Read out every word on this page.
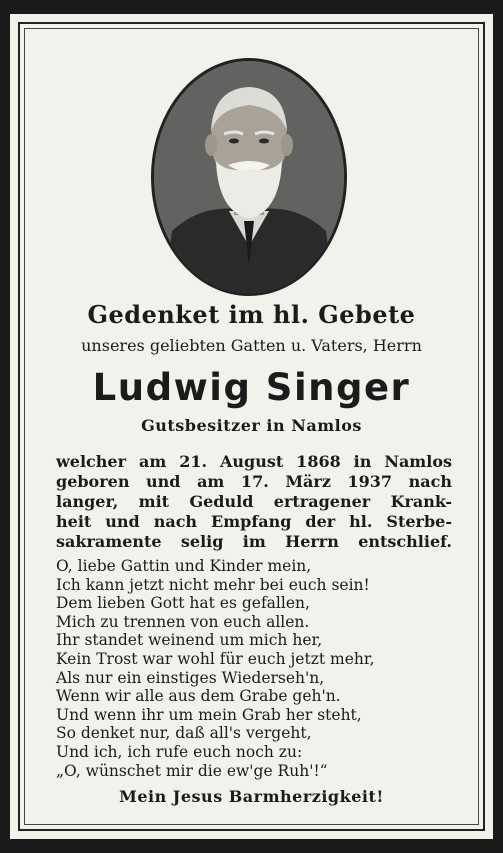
Gedenket im hl. Gebete
unseres geliebten Gatten u. Vaters, Herrn
Ludwig Singer
Gutsbesitzer in Namlos
welcher am 21. August 1868 in Namlos
geboren und am 17. März 1937 nach
langer, mit Geduld ertragener Krank-
heit und nach Empfang der hl. Sterbe-
sakramente selig im Herrn entschlief.
O, liebe Gattin und Kinder mein,
Ich kann jetzt nicht mehr bei euch sein!
Dem lieben Gott hat es gefallen,
Mich zu trennen von euch allen.
Ihr standet weinend um mich her,
Kein Trost war wohl für euch jetzt mehr,
Als nur ein einstiges Wiederseh'n,
Wenn wir alle aus dem Grabe geh'n.
Und wenn ihr um mein Grab her steht,
So denket nur, daß all's vergeht,
Und ich, ich rufe euch noch zu:
„O, wünschet mir die ew'ge Ruh'!“
Mein Jesus Barmherzigkeit!
